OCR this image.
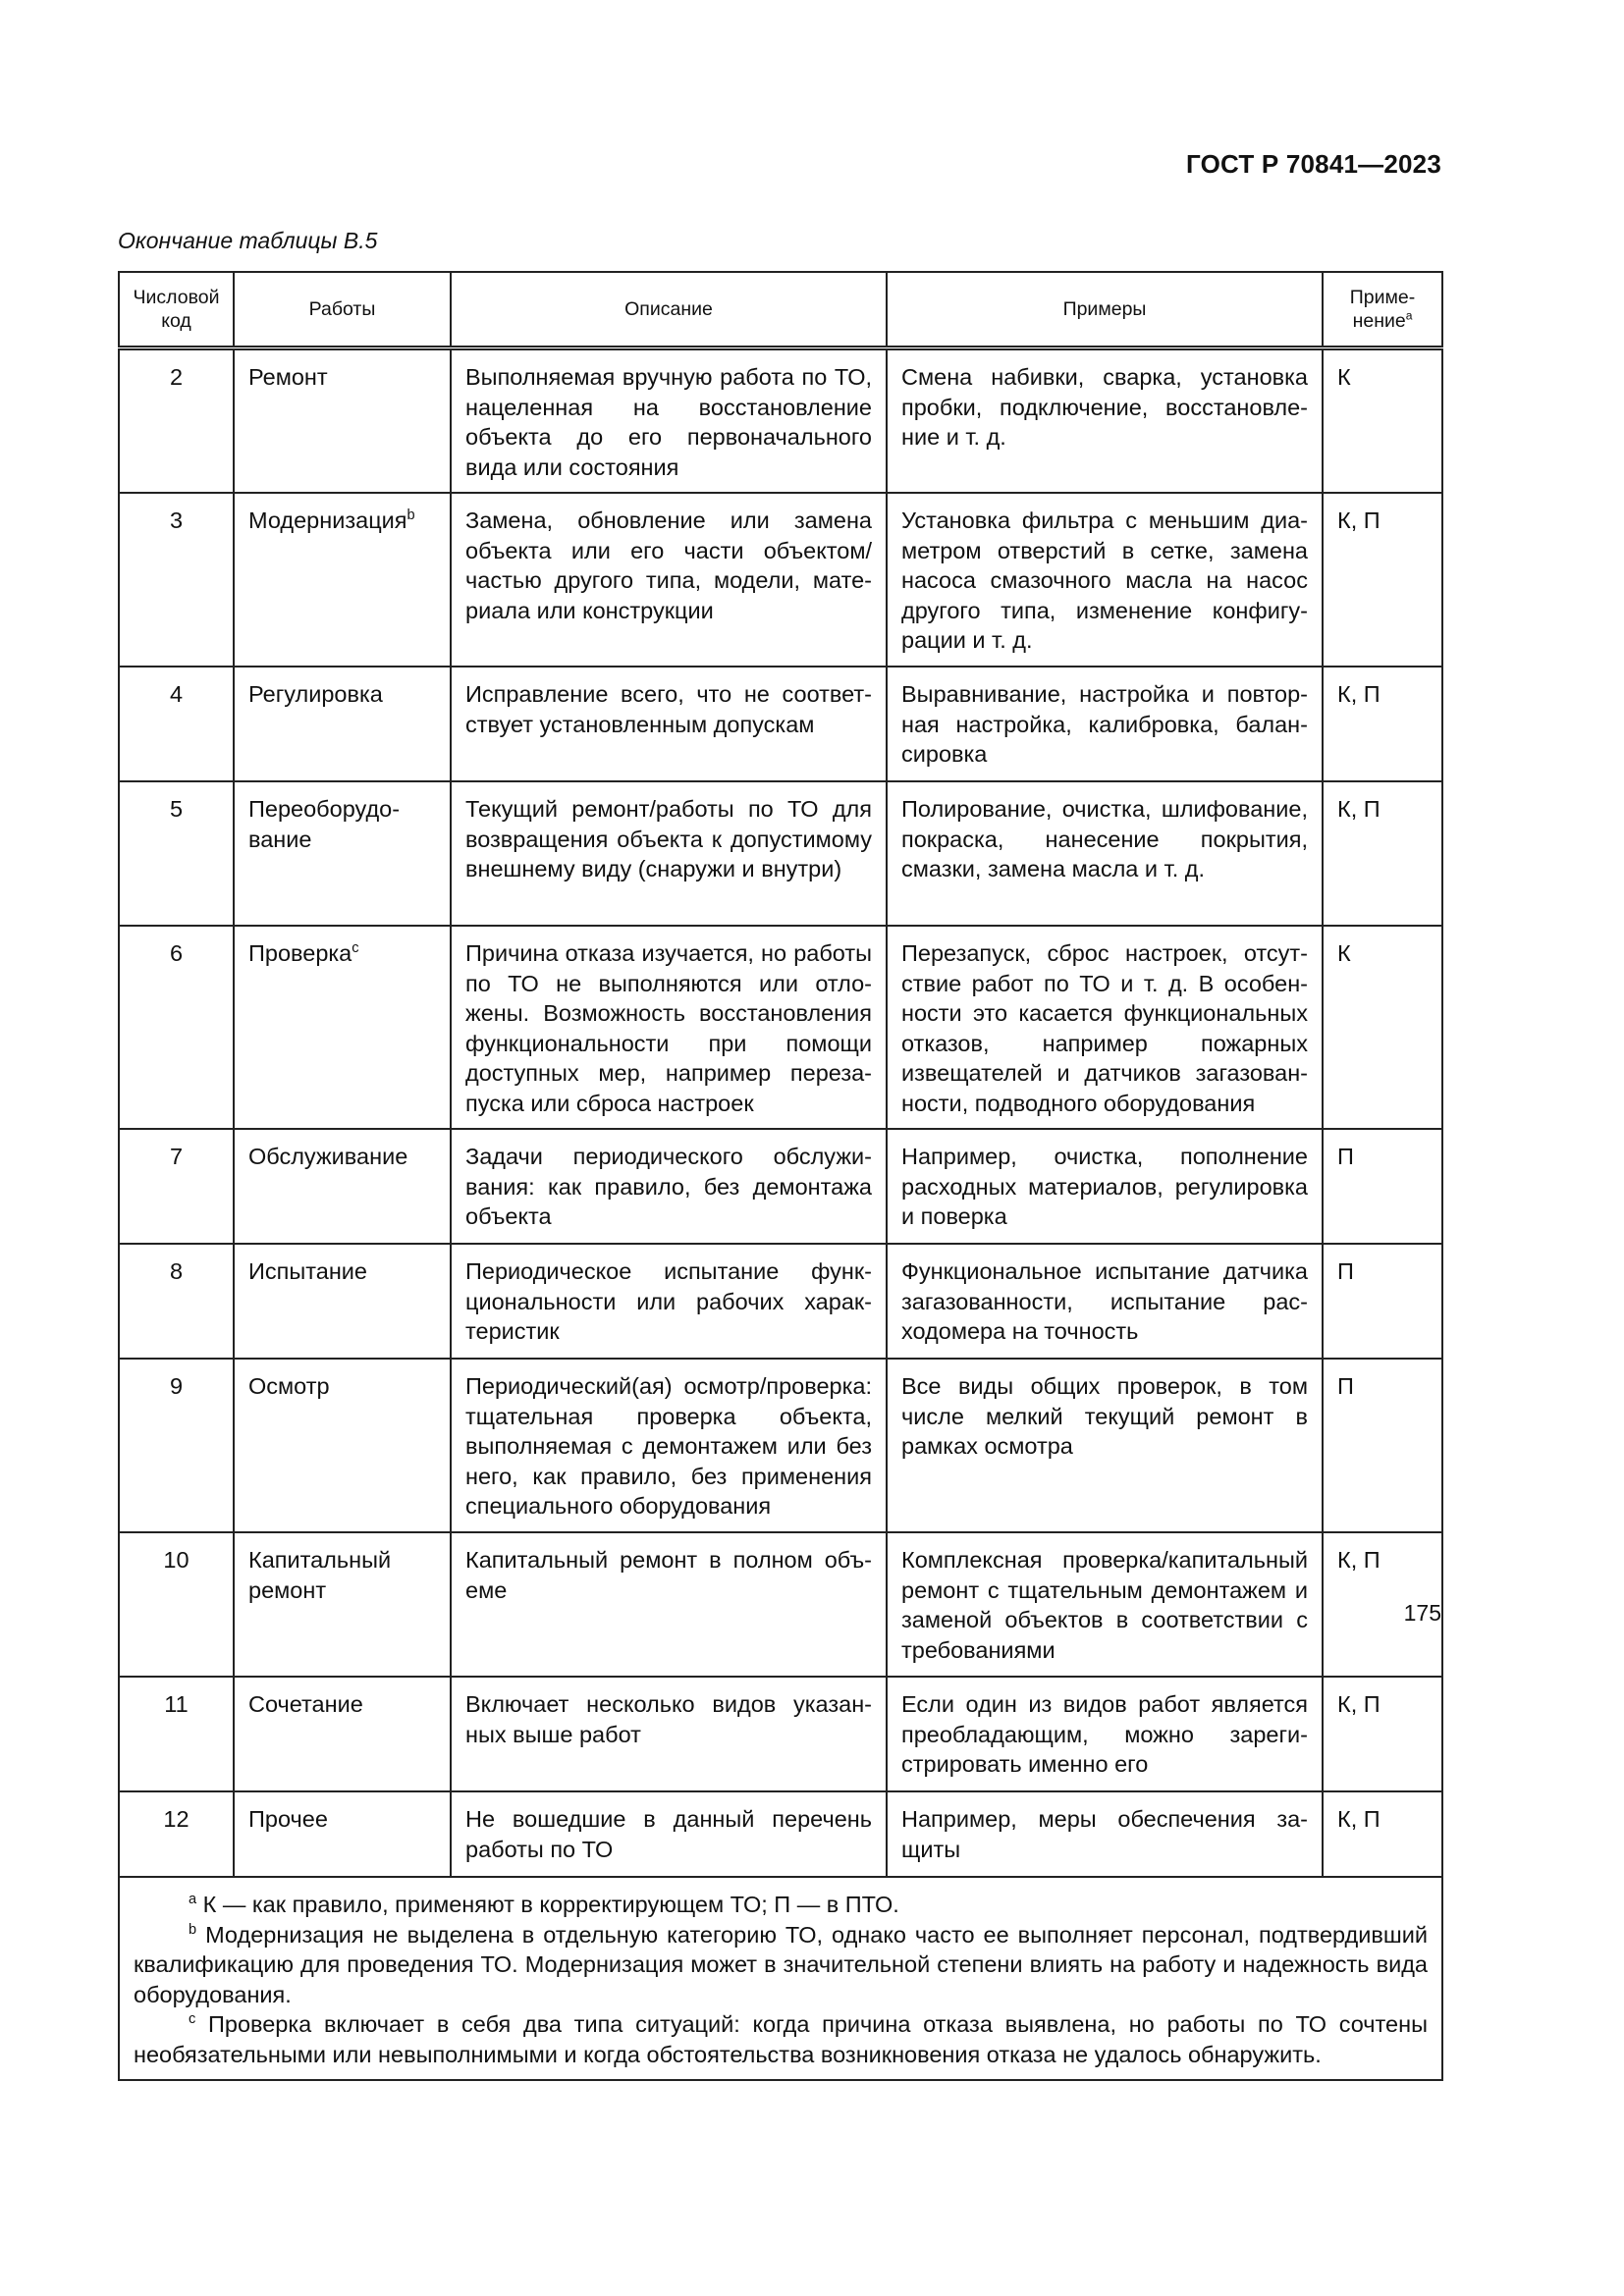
ГОСТ Р 70841—2023
Окончание таблицы В.5
Числовой код	Работы	Описание	Примеры	Приме-нение$^а$
2	Ремонт	Выполняемая вручную работа по ТО, нацеленная на восстановление объекта до его первоначального вида или состояния	Смена набивки, сварка, установка пробки, подключение, восстановление и т. д.	К
3	Модернизация$^b$	Замена, обновление или замена объекта или его части объектом/частью другого типа, модели, материала или конструкции	Установка фильтра с меньшим диаметром отверстий в сетке, замена насоса смазочного масла на насос другого типа, изменение конфигурации и т. д.	К, П
4	Регулировка	Исправление всего, что не соответствует установленным допускам	Выравнивание, настройка и повторная настройка, калибровка, балансировка	К, П
5	Переоборудование	Текущий ремонт/работы по ТО для возвращения объекта к допустимому внешнему виду (снаружи и внутри)	Полирование, очистка, шлифование, покраска, нанесение покрытия, смазки, замена масла и т. д.	К, П
6	Проверка$^c$	Причина отказа изучается, но работы по ТО не выполняются или отложены. Возможность восстановления функциональности при помощи доступных мер, например перезапуска или сброса настроек	Перезапуск, сброс настроек, отсутствие работ по ТО и т. д. В особенности это касается функциональных отказов, например пожарных извещателей и датчиков загазованности, подводного оборудования	К
7	Обслуживание	Задачи периодического обслуживания: как правило, без демонтажа объекта	Например, очистка, пополнение расходных материалов, регулировка и поверка	П
8	Испытание	Периодическое испытание функциональности или рабочих характеристик	Функциональное испытание датчика загазованности, испытание расходомера на точность	П
9	Осмотр	Периодический(ая) осмотр/проверка: тщательная проверка объекта, выполняемая с демонтажем или без него, как правило, без применения специального оборудования	Все виды общих проверок, в том числе мелкий текущий ремонт в рамках осмотра	П
10	Капитальный ремонт	Капитальный ремонт в полном объеме	Комплексная проверка/капитальный ремонт с тщательным демонтажем и заменой объектов в соответствии с требованиями	К, П
11	Сочетание	Включает несколько видов указанных выше работ	Если один из видов работ является преобладающим, можно зарегистрировать именно его	К, П
12	Прочее	Не вошедшие в данный перечень работы по ТО	Например, меры обеспечения защиты	К, П

$^а$ К — как правило, применяют в корректирующем ТО; П — в ПТО.
$^b$ Модернизация не выделена в отдельную категорию ТО, однако часто ее выполняет персонал, подтвердивший квалификацию для проведения ТО. Модернизация может в значительной степени влиять на работу и надежность вида оборудования.
$^с$ Проверка включает в себя два типа ситуаций: когда причина отказа выявлена, но работы по ТО сочтены необязательными или невыполнимыми и когда обстоятельства возникновения отказа не удалось обнаружить.				
175
